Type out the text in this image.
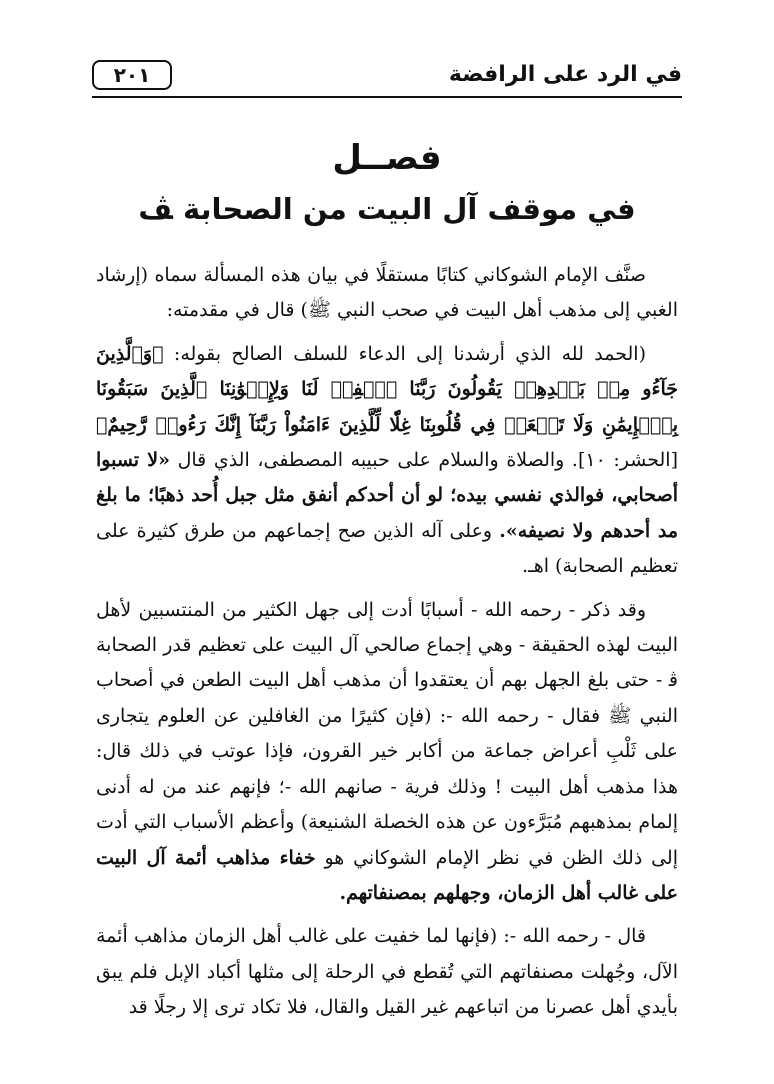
في الرد على الرافضة
٢٠١
فصــل
في موقف آل البيت من الصحابة ﭫ

صنَّف الإمام الشوكاني كتابًا مستقلًا في بيان هذه المسألة سماه (إرشاد الغبي إلى مذهب أهل البيت في صحب النبي ﷺ) قال في مقدمته:

(الحمد لله الذي أرشدنا إلى الدعاء للسلف الصالح بقوله: ﴿وَٱلَّذِينَ جَآءُو مِنۢ بَعۡدِهِمۡ يَقُولُونَ رَبَّنَا ٱغۡفِرۡ لَنَا وَلِإِخۡوَٰنِنَا ٱلَّذِينَ سَبَقُونَا بِٱلۡإِيمَٰنِ وَلَا تَجۡعَلۡ فِي قُلُوبِنَا غِلّٗا لِّلَّذِينَ ءَامَنُواْ رَبَّنَآ إِنَّكَ رَءُوفٞ رَّحِيمٌ﴾ [الحشر: ١٠]. والصلاة والسلام على حبيبه المصطفى، الذي قال «لا تسبوا أصحابي، فوالذي نفسي بيده؛ لو أن أحدكم أنفق مثل جبل أُحد ذهبًا؛ ما بلغ مد أحدهم ولا نصيفه». وعلى آله الذين صح إجماعهم من طرق كثيرة على تعظيم الصحابة) اهـ.

وقد ذكر - رحمه الله - أسبابًا أدت إلى جهل الكثير من المنتسبين لأهل البيت لهذه الحقيقة - وهي إجماع صالحي آل البيت على تعظيم قدر الصحابة ﭬ - حتى بلغ الجهل بهم أن يعتقدوا أن مذهب أهل البيت الطعن في أصحاب النبي ﷺ فقال - رحمه الله -: (فإن كثيرًا من الغافلين عن العلوم يتجارى على ثَلْبِ أعراض جماعة من أكابر خير القرون، فإذا عوتب في ذلك قال: هذا مذهب أهل البيت ! وذلك فرية - صانهم الله -؛ فإنهم عند من له أدنى إلمام بمذهبهم مُبَرَّءون عن هذه الخصلة الشنيعة) وأعظم الأسباب التي أدت إلى ذلك الظن في نظر الإمام الشوكاني هو خفاء مذاهب أئمة آل البيت على غالب أهل الزمان، وجهلهم بمصنفاتهم.

قال - رحمه الله -: (فإنها لما خفيت على غالب أهل الزمان مذاهب أئمة الآل، وجُهلت مصنفاتهم التي تُقطع في الرحلة إلى مثلها أكباد الإبل فلم يبق بأيدي أهل عصرنا من اتباعهم غير القيل والقال، فلا تكاد ترى إلا رجلًا قد
